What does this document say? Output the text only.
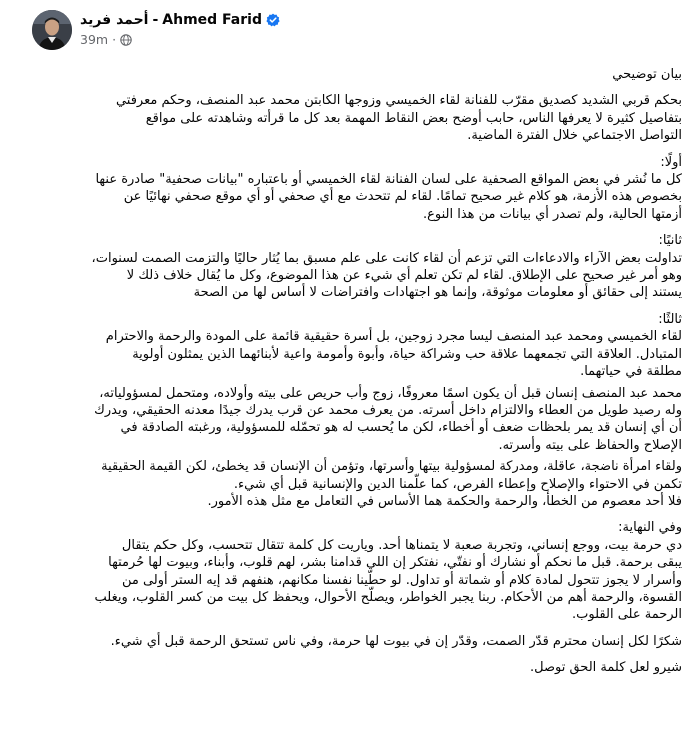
أحمد فريد - Ahmed Farid
39m ·

بيان توضيحي

بحكم قربي الشديد كصديق مقرّب للفنانة لقاء الخميسي وزوجها الكابتن محمد عبد المنصف، وحكم معرفتي
بتفاصيل كثيرة لا يعرفها الناس، حابب أوضح بعض النقاط المهمة بعد كل ما قرأته وشاهدته على مواقع
التواصل الاجتماعي خلال الفترة الماضية.

أولًا:
كل ما نُشر في بعض المواقع الصحفية على لسان الفنانة لقاء الخميسي أو باعتباره "بيانات صحفية" صادرة عنها
بخصوص هذه الأزمة، هو كلام غير صحيح تمامًا. لقاء لم تتحدث مع أي صحفي أو أي موقع صحفي نهائيًا عن
أزمتها الحالية، ولم تصدر أي بيانات من هذا النوع.

ثانيًا:
تداولت بعض الآراء والادعاءات التي تزعم أن لقاء كانت على علم مسبق بما يُثار حاليًا والتزمت الصمت لسنوات،
وهو أمر غير صحيح على الإطلاق. لقاء لم تكن تعلم أي شيء عن هذا الموضوع، وكل ما يُقال خلاف ذلك لا
يستند إلى حقائق أو معلومات موثوقة، وإنما هو اجتهادات وافتراضات لا أساس لها من الصحة

ثالثًا:
لقاء الخميسي ومحمد عبد المنصف ليسا مجرد زوجين، بل أسرة حقيقية قائمة على المودة والرحمة والاحترام
المتبادل. العلاقة التي تجمعهما علاقة حب وشراكة حياة، وأبوة وأمومة واعية لأبنائهما الذين يمثلون أولوية
مطلقة في حياتهما.

محمد عبد المنصف إنسان قبل أن يكون اسمًا معروفًا، زوج وأب حريص على بيته وأولاده، ومتحمل لمسؤولياته،
وله رصيد طويل من العطاء والالتزام داخل أسرته. من يعرف محمد عن قرب يدرك جيدًا معدنه الحقيقي، ويدرك
أن أي إنسان قد يمر بلحظات ضعف أو أخطاء، لكن ما يُحسب له هو تحمّله للمسؤولية، ورغبته الصادقة في
الإصلاح والحفاظ على بيته وأسرته.

ولقاء امرأة ناضجة، عاقلة، ومدركة لمسؤولية بيتها وأسرتها، وتؤمن أن الإنسان قد يخطئ، لكن القيمة الحقيقية
تكمن في الاحتواء والإصلاح وإعطاء الفرص، كما علّمنا الدين والإنسانية قبل أي شيء.
فلا أحد معصوم من الخطأ، والرحمة والحكمة هما الأساس في التعامل مع مثل هذه الأمور.

وفي النهاية:
دي حرمة بيت، ووجع إنساني، وتجربة صعبة لا يتمناها أحد. وياريت كل كلمة تتقال تتحسب، وكل حكم يتقال
يبقى برحمة. قبل ما نحكم أو نشارك أو نفتّي، نفتكر إن اللي قدامنا بشر، لهم قلوب، وأبناء، وبيوت لها حُرمتها
وأسرار لا يجوز تتحول لمادة كلام أو شماتة أو تداول. لو حطّينا نفسنا مكانهم، هنفهم قد إيه الستر أولى من
القسوة، والرحمة أهم من الأحكام. ربنا يجبر الخواطر، ويصلّح الأحوال، ويحفظ كل بيت من كسر القلوب، ويغلب
الرحمة على القلوب.

شكرًا لكل إنسان محترم قدّر الصمت، وقدّر إن في بيوت لها حرمة، وفي ناس تستحق الرحمة قبل أي شيء.

شيرو لعل كلمة الحق توصل.
